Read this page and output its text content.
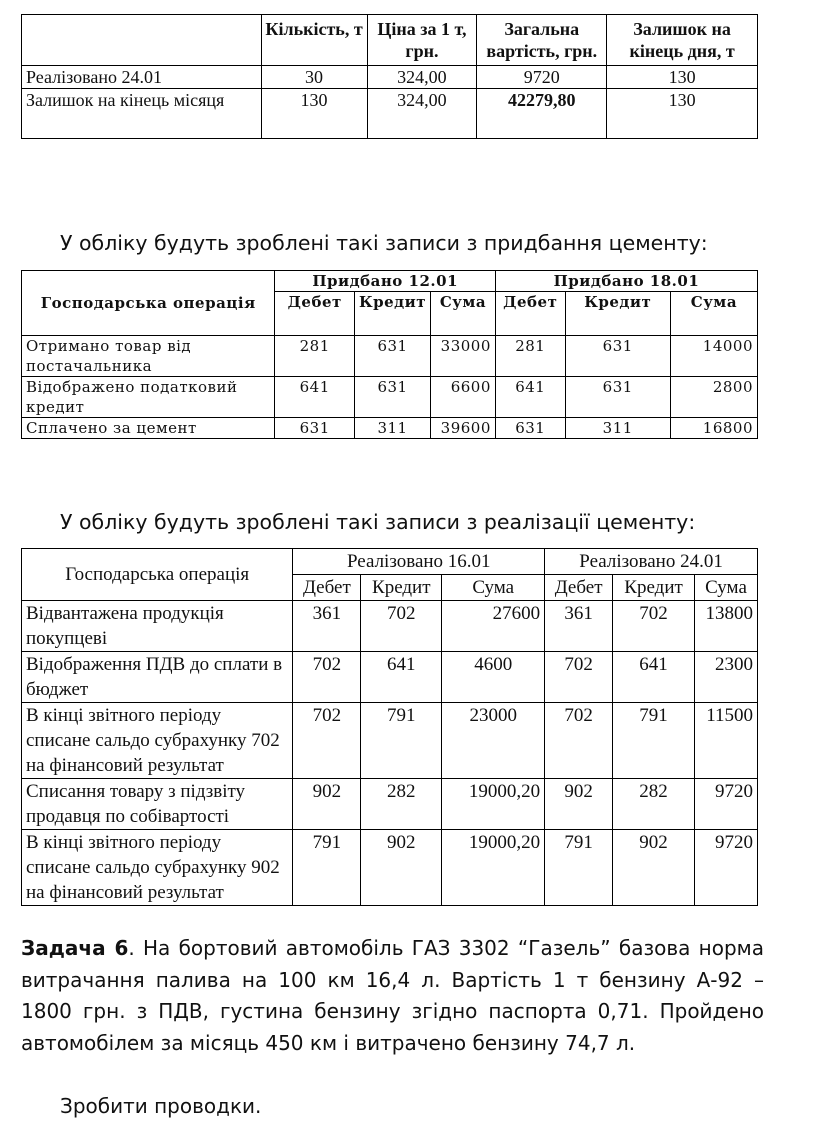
	Кількість, т	Ціна за 1 т, грн.	Загальна вартість, грн.	Залишок на кінець дня, т
Реалізовано 24.01	30	324,00	9720	130
Залишок на кінець місяця	130	324,00	42279,80	130
У обліку будуть зроблені такі записи з придбання цементу:
Господарська операція	Придбано 12.01			Придбано 18.01		
	Дебет	Кредит	Сума	Дебет	Кредит	Сума
Отримано товар від постачальника	281	631	33000	281	631	14000
Відображено податковий кредит	641	631	6600	641	631	2800
Сплачено за цемент	631	311	39600	631	311	16800
У обліку будуть зроблені такі записи з реалізації цементу:
Господарська операція	Реалізовано 16.01			Реалізовано 24.01		
	Дебет	Кредит	Сума	Дебет	Кредит	Сума
Відвантажена продукція покупцеві	361	702	27600	361	702	13800
Відображення ПДВ до сплати в бюджет	702	641	4600	702	641	2300
В кінці звітного періоду списане сальдо субрахунку 702 на фінансовий результат	702	791	23000	702	791	11500
Списання товару з підзвіту продавця по собівартості	902	282	19000,20	902	282	9720
В кінці звітного періоду списане сальдо субрахунку 902 на фінансовий результат	791	902	19000,20	791	902	9720

Задача 6. На бортовий автомобіль ГАЗ 3302 “Газель” базова норма витрачання палива на 100 км 16,4 л. Вартість 1 т бензину А-92 – 1800 грн. з ПДВ, густина бензину згідно паспорта 0,71. Пройдено автомобілем за місяць 450 км і витрачено бензину 74,7 л.

Зробити проводки.
